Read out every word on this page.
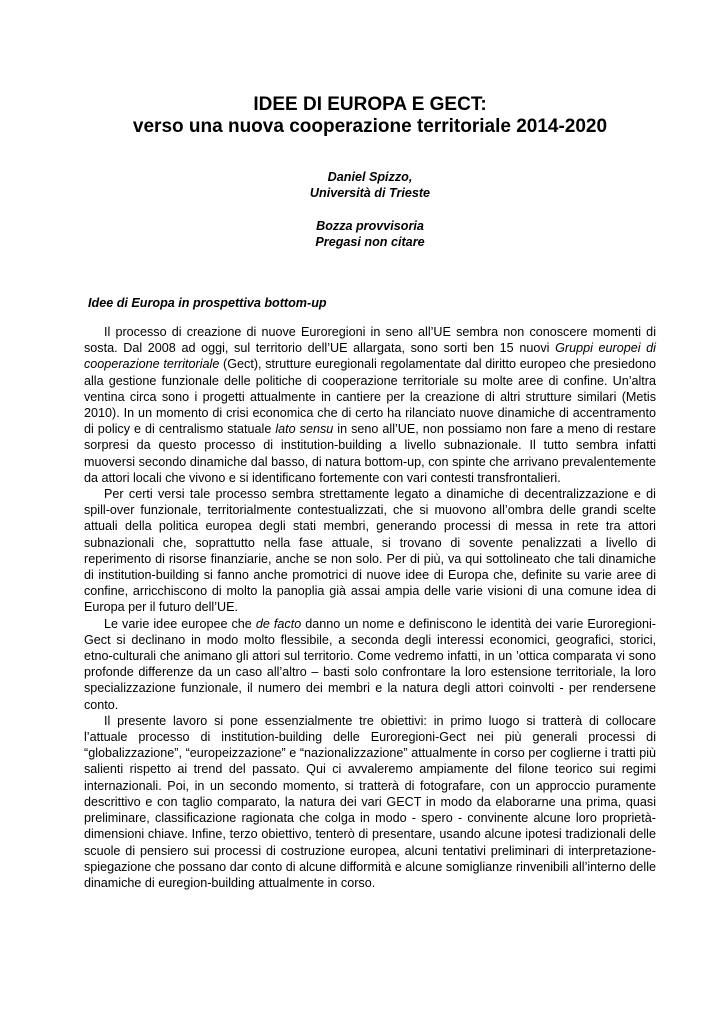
IDEE DI EUROPA E GECT:
verso una nuova cooperazione territoriale 2014-2020
Daniel Spizzo,
Università di Trieste
Bozza provvisoria
Pregasi non citare
Idee di Europa in prospettiva bottom-up

Il processo di creazione di nuove Euroregioni in seno all’UE sembra non conoscere momenti di sosta. Dal 2008 ad oggi, sul territorio dell’UE allargata, sono sorti ben 15 nuovi Gruppi europei di cooperazione territoriale (Gect), strutture euregionali regolamentate dal diritto europeo che presiedono alla gestione funzionale delle politiche di cooperazione territoriale su molte aree di confine. Un’altra ventina circa sono i progetti attualmente in cantiere per la creazione di altri strutture similari (Metis 2010). In un momento di crisi economica che di certo ha rilanciato nuove dinamiche di accentramento di policy e di centralismo statuale lato sensu in seno all’UE, non possiamo non fare a meno di restare sorpresi da questo processo di institution-building a livello subnazionale. Il tutto sembra infatti muoversi secondo dinamiche dal basso, di natura bottom-up, con spinte che arrivano prevalentemente da attori locali che vivono e si identificano fortemente con vari contesti transfrontalieri.

Per certi versi tale processo sembra strettamente legato a dinamiche di decentralizzazione e di spill-over funzionale, territorialmente contestualizzati, che si muovono all’ombra delle grandi scelte attuali della politica europea degli stati membri, generando processi di messa in rete tra attori subnazionali che, soprattutto nella fase attuale, si trovano di sovente penalizzati a livello di reperimento di risorse finanziarie, anche se non solo. Per di più, va qui sottolineato che tali dinamiche di institution-building si fanno anche promotrici di nuove idee di Europa che, definite su varie aree di confine, arricchiscono di molto la panoplia già assai ampia delle varie visioni di una comune idea di Europa per il futuro dell’UE.

Le varie idee europee che de facto danno un nome e definiscono le identità dei varie Euroregioni-Gect si declinano in modo molto flessibile, a seconda degli interessi economici, geografici, storici, etno-culturali che animano gli attori sul territorio. Come vedremo infatti, in un ’ottica comparata vi sono profonde differenze da un caso all’altro – basti solo confrontare la loro estensione territoriale, la loro specializzazione funzionale, il numero dei membri e la natura degli attori coinvolti - per rendersene conto.

Il presente lavoro si pone essenzialmente tre obiettivi: in primo luogo si tratterà di collocare l’attuale processo di institution-building delle Euroregioni-Gect nei più generali processi di “globalizzazione”, “europeizzazione” e “nazionalizzazione” attualmente in corso per coglierne i tratti più salienti rispetto ai trend del passato. Qui ci avvaleremo ampiamente del filone teorico sui regimi internazionali. Poi, in un secondo momento, si tratterà di fotografare, con un approccio puramente descrittivo e con taglio comparato, la natura dei vari GECT in modo da elaborarne una prima, quasi preliminare, classificazione ragionata che colga in modo - spero - convinente alcune loro proprietà-dimensioni chiave. Infine, terzo obiettivo, tenterò di presentare, usando alcune ipotesi tradizionali delle scuole di pensiero sui processi di costruzione europea, alcuni tentativi preliminari di interpretazione-spiegazione che possano dar conto di alcune difformità e alcune somiglianze rinvenibili all’interno delle dinamiche di euregion-building attualmente in corso.
